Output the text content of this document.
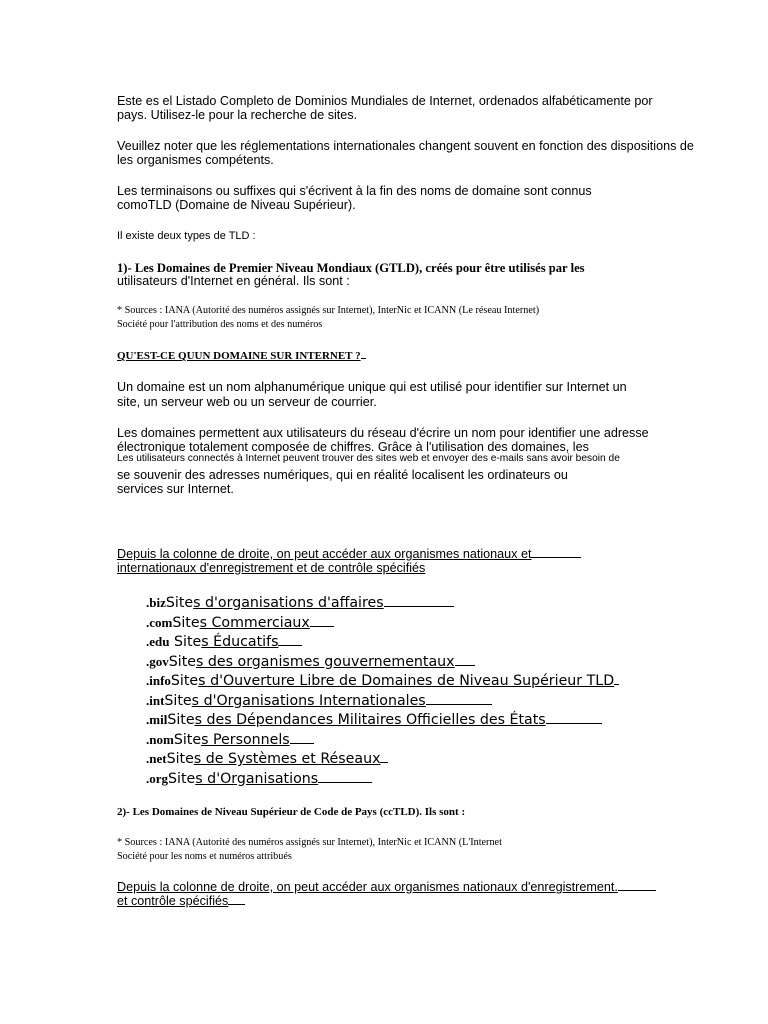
Este es el Listado Completo de Dominios Mundiales de Internet, ordenados alfabéticamente por

pays. Utilisez-le pour la recherche de sites.

Veuillez noter que les réglementations internationales changent souvent en fonction des dispositions de

les organismes compétents.

Les terminaisons ou suffixes qui s'écrivent à la fin des noms de domaine sont connus

comoTLD (Domaine de Niveau Supérieur).

Il existe deux types de TLD :

1)- Les Domaines de Premier Niveau Mondiaux (GTLD), créés pour être utilisés par les

utilisateurs d'Internet en général. Ils sont :

* Sources : IANA (Autorité des numéros assignés sur Internet), InterNic et ICANN (Le réseau Internet)

Société pour l'attribution des noms et des numéros

QU'EST-CE QUUN DOMAINE SUR INTERNET ?

Un domaine est un nom alphanumérique unique qui est utilisé pour identifier sur Internet un

site, un serveur web ou un serveur de courrier.

Les domaines permettent aux utilisateurs du réseau d'écrire un nom pour identifier une adresse

électronique totalement composée de chiffres. Grâce à l'utilisation des domaines, les

Les utilisateurs connectés à Internet peuvent trouver des sites web et envoyer des e-mails sans avoir besoin de

se souvenir des adresses numériques, qui en réalité localisent les ordinateurs ou

services sur Internet.

Depuis la colonne de droite, on peut accéder aux organismes nationaux et

internationaux d'enregistrement et de contrôle spécifiés

.bizSites d'organisations d'affaires
.comSites Commerciaux
.edu Sites Éducatifs
.govSites des organismes gouvernementaux
.infoSites d'Ouverture Libre de Domaines de Niveau Supérieur TLD
.intSites d'Organisations Internationales
.milSites des Dépendances Militaires Officielles des États
.nomSites Personnels
.netSites de Systèmes et Réseaux
.orgSites d'Organisations

2)- Les Domaines de Niveau Supérieur de Code de Pays (ccTLD). Ils sont :

* Sources : IANA (Autorité des numéros assignés sur Internet), InterNic et ICANN (L'Internet

Société pour les noms et numéros attribués

Depuis la colonne de droite, on peut accéder aux organismes nationaux d'enregistrement.

et contrôle spécifiés
